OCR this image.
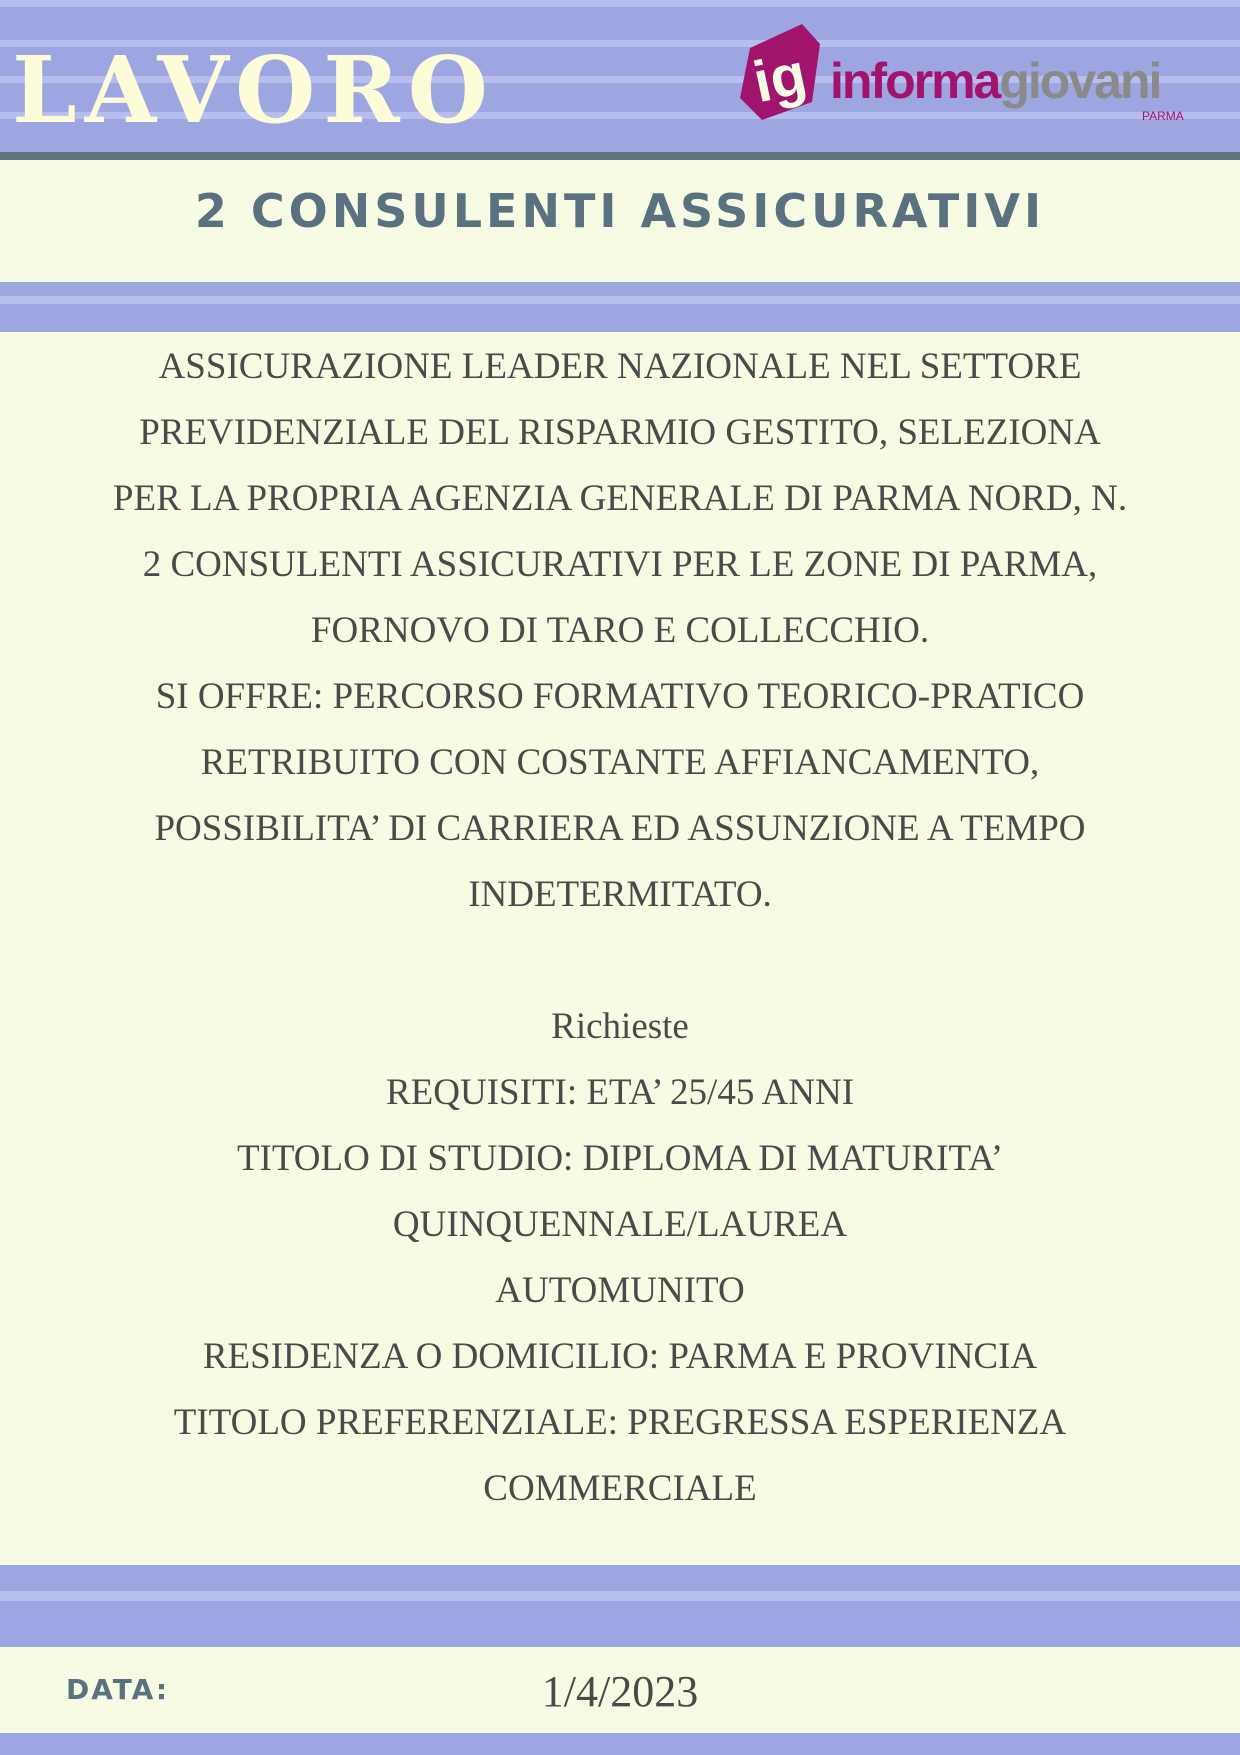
LAVORO	ig informagiovani
PARMA
2 CONSULENTI ASSICURATIVI
ASSICURAZIONE LEADER NAZIONALE NEL SETTORE
PREVIDENZIALE DEL RISPARMIO GESTITO, SELEZIONA
PER LA PROPRIA AGENZIA GENERALE DI PARMA NORD, N.
2 CONSULENTI ASSICURATIVI PER LE ZONE DI PARMA,
FORNOVO DI TARO E COLLECCHIO.
SI OFFRE: PERCORSO FORMATIVO TEORICO-PRATICO
RETRIBUITO CON COSTANTE AFFIANCAMENTO,
POSSIBILITA’ DI CARRIERA ED ASSUNZIONE A TEMPO
INDETERMITATO.
Richieste
REQUISITI: ETA’ 25/45 ANNI
TITOLO DI STUDIO: DIPLOMA DI MATURITA’
QUINQUENNALE/LAUREA
AUTOMUNITO
RESIDENZA O DOMICILIO: PARMA E PROVINCIA
TITOLO PREFERENZIALE: PREGRESSA ESPERIENZA
COMMERCIALE
DATA:	1/4/2023
